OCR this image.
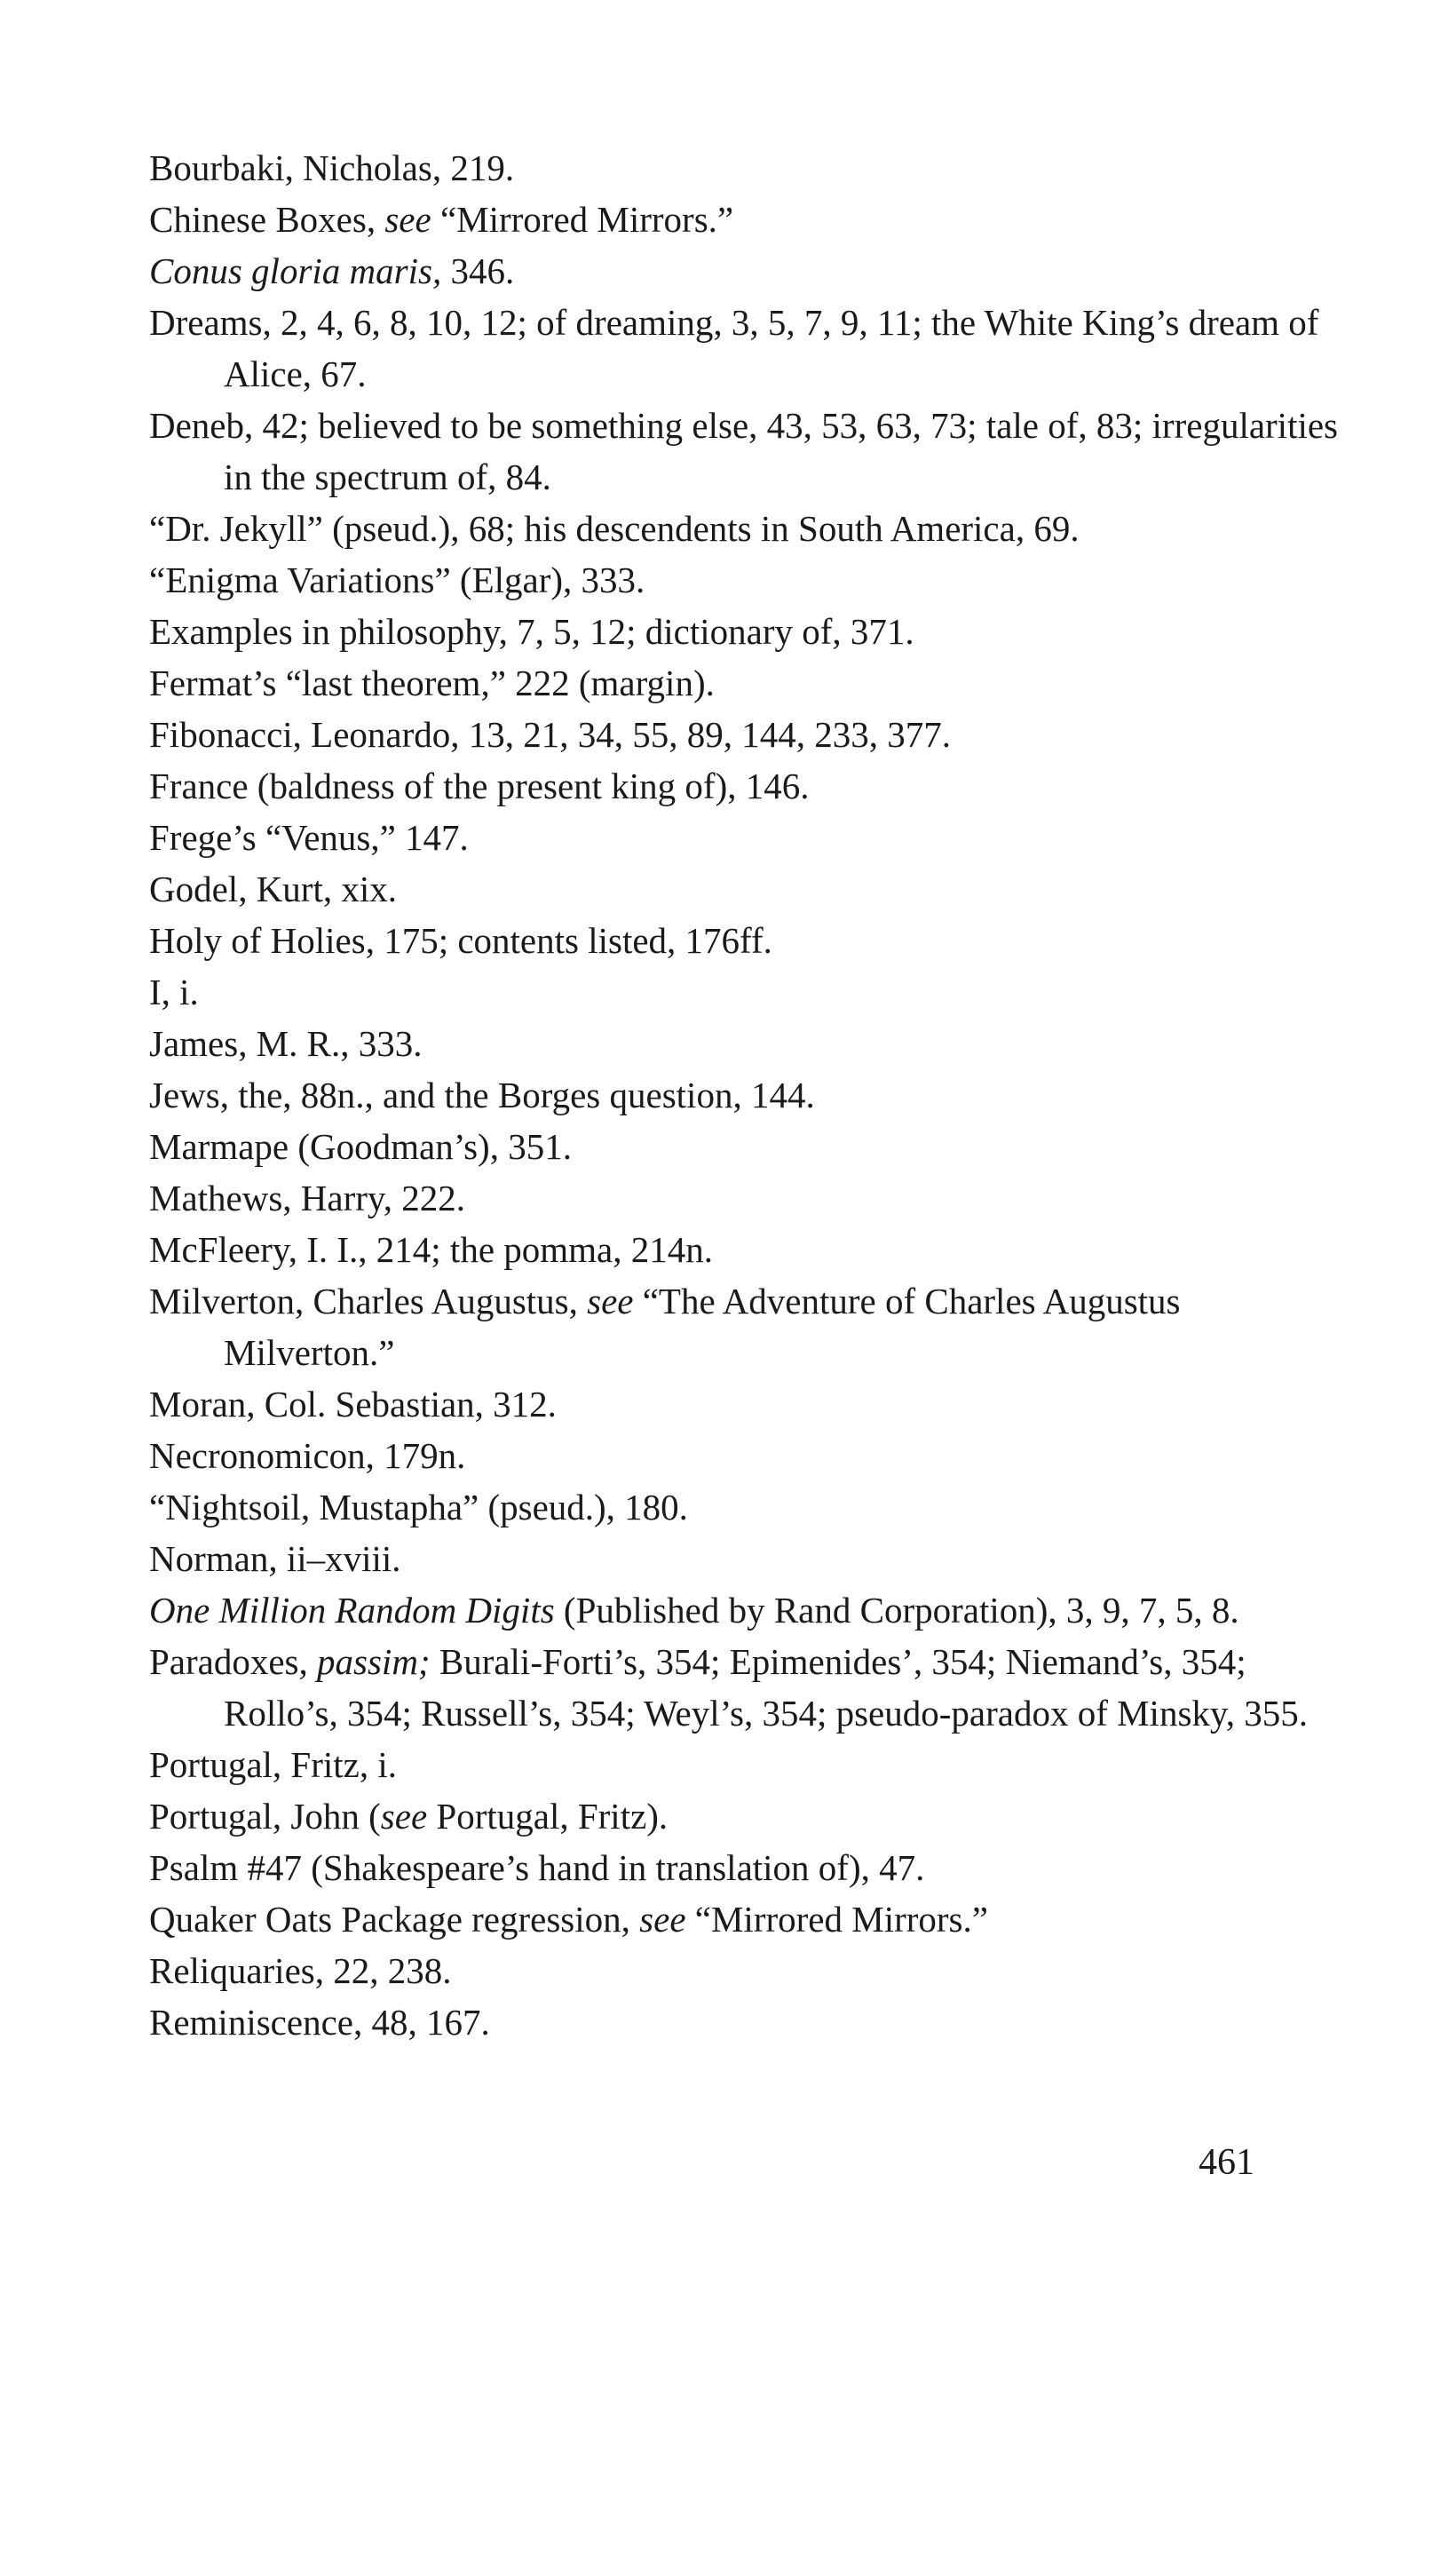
Bourbaki, Nicholas, 219.
Chinese Boxes, see “Mirrored Mirrors.”
Conus gloria maris, 346.
Dreams, 2, 4, 6, 8, 10, 12; of dreaming, 3, 5, 7, 9, 11; the White King’s dream of Alice, 67.
Deneb, 42; believed to be something else, 43, 53, 63, 73; tale of, 83; irregularities in the spectrum of, 84.
“Dr. Jekyll” (pseud.), 68; his descendents in South America, 69.
“Enigma Variations” (Elgar), 333.
Examples in philosophy, 7, 5, 12; dictionary of, 371.
Fermat’s “last theorem,” 222 (margin).
Fibonacci, Leonardo, 13, 21, 34, 55, 89, 144, 233, 377.
France (baldness of the present king of), 146.
Frege’s “Venus,” 147.
Godel, Kurt, xix.
Holy of Holies, 175; contents listed, 176ff.
I, i.
James, M. R., 333.
Jews, the, 88n., and the Borges question, 144.
Marmape (Goodman’s), 351.
Mathews, Harry, 222.
McFleery, I. I., 214; the pomma, 214n.
Milverton, Charles Augustus, see “The Adventure of Charles Augustus Milverton.”
Moran, Col. Sebastian, 312.
Necronomicon, 179n.
“Nightsoil, Mustapha” (pseud.), 180.
Norman, ii–xviii.
One Million Random Digits (Published by Rand Corporation), 3, 9, 7, 5, 8.
Paradoxes, passim; Burali-Forti’s, 354; Epimenides’, 354; Niemand’s, 354; Rollo’s, 354; Russell’s, 354; Weyl’s, 354; pseudo-paradox of Minsky, 355.
Portugal, Fritz, i.
Portugal, John (see Portugal, Fritz).
Psalm #47 (Shakespeare’s hand in translation of), 47.
Quaker Oats Package regression, see “Mirrored Mirrors.”
Reliquaries, 22, 238.
Reminiscence, 48, 167.
461
